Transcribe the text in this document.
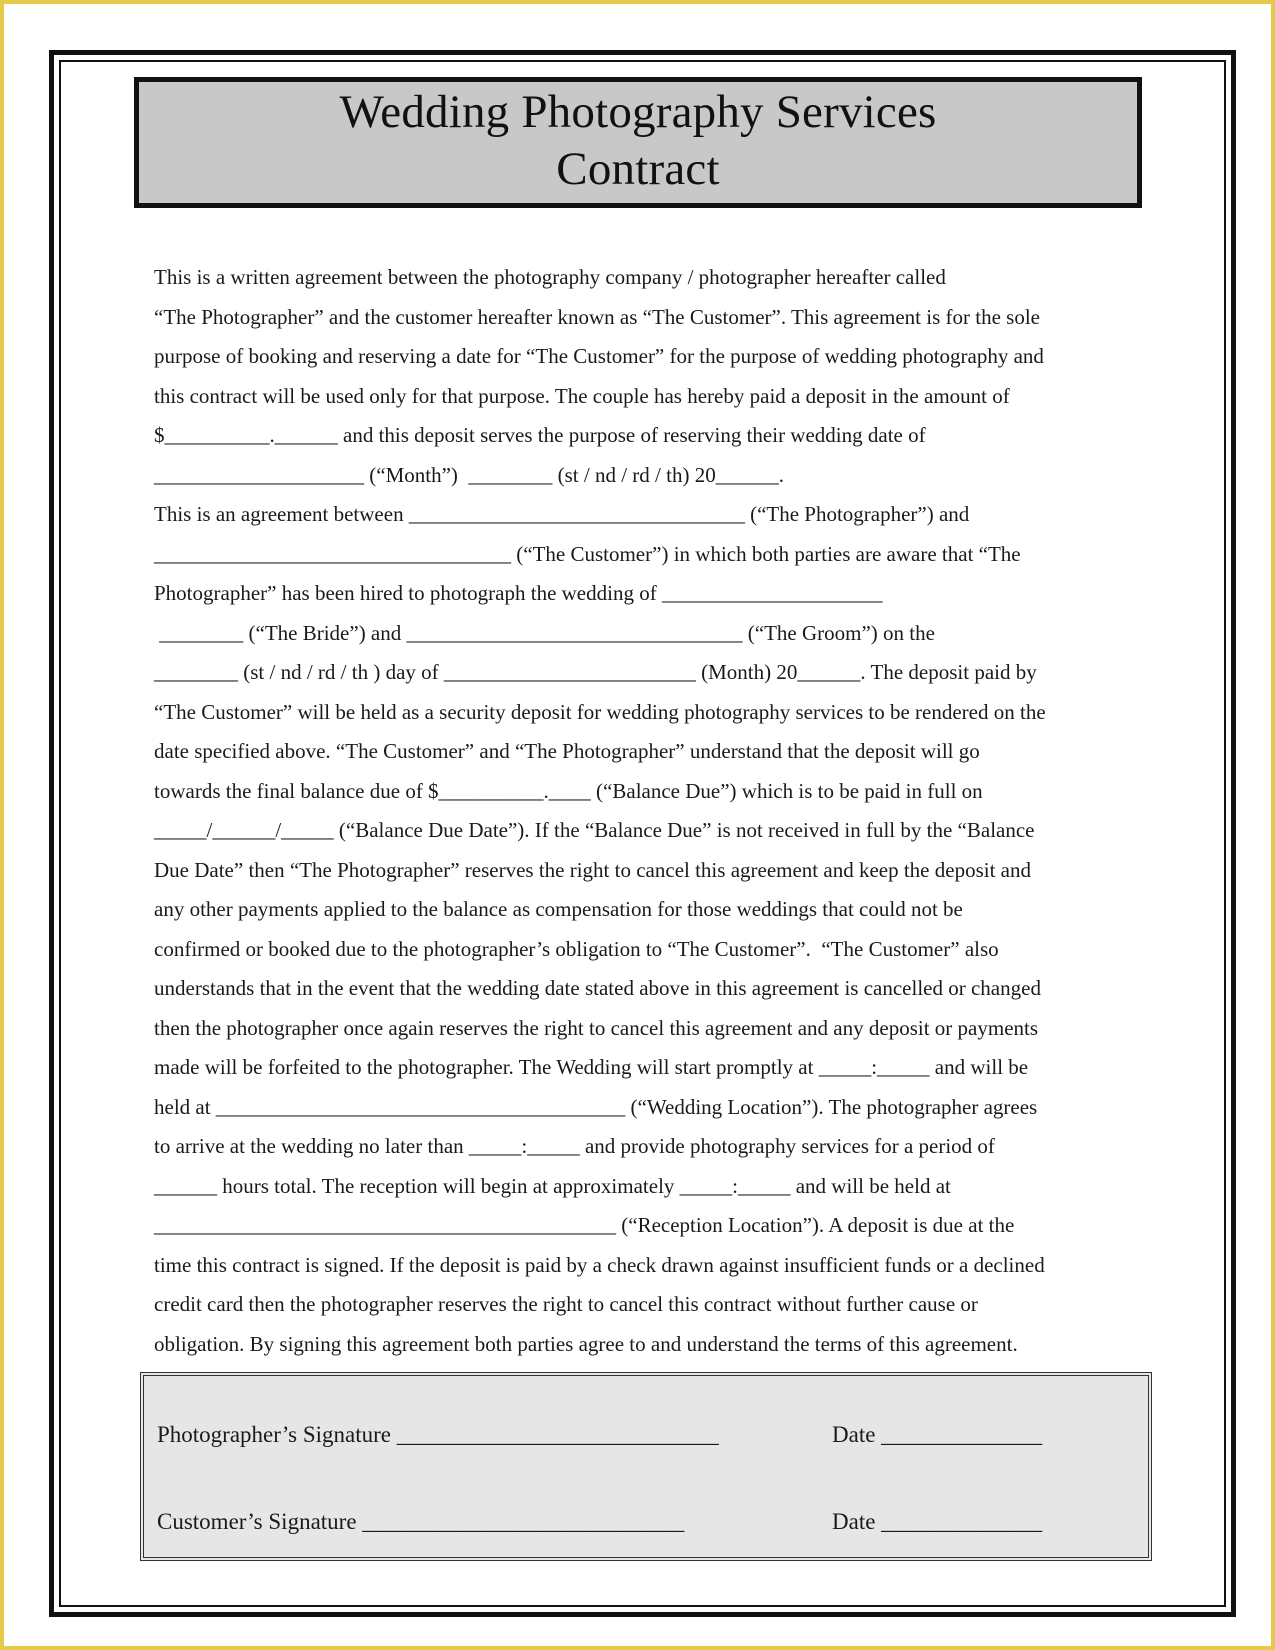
Wedding Photography Services
Contract
This is a written agreement between the photography company / photographer hereafter called
“The Photographer” and the customer hereafter known as “The Customer”. This agreement is for the sole
purpose of booking and reserving a date for “The Customer” for the purpose of wedding photography and
this contract will be used only for that purpose. The couple has hereby paid a deposit in the amount of
$__________.______ and this deposit serves the purpose of reserving their wedding date of
____________________ (“Month”)  ________ (st / nd / rd / th) 20______.
This is an agreement between ________________________________ (“The Photographer”) and
__________________________________ (“The Customer”) in which both parties are aware that “The
Photographer” has been hired to photograph the wedding of _____________________
________ (“The Bride”) and ________________________________ (“The Groom”) on the
________ (st / nd / rd / th ) day of ________________________ (Month) 20______. The deposit paid by
“The Customer” will be held as a security deposit for wedding photography services to be rendered on the
date specified above. “The Customer” and “The Photographer” understand that the deposit will go
towards the final balance due of $__________.____ (“Balance Due”) which is to be paid in full on
_____/______/_____ (“Balance Due Date”). If the “Balance Due” is not received in full by the “Balance
Due Date” then “The Photographer” reserves the right to cancel this agreement and keep the deposit and
any other payments applied to the balance as compensation for those weddings that could not be
confirmed or booked due to the photographer’s obligation to “The Customer”.  “The Customer” also
understands that in the event that the wedding date stated above in this agreement is cancelled or changed
then the photographer once again reserves the right to cancel this agreement and any deposit or payments
made will be forfeited to the photographer. The Wedding will start promptly at _____:_____ and will be
held at _______________________________________ (“Wedding Location”). The photographer agrees
to arrive at the wedding no later than _____:_____ and provide photography services for a period of
______ hours total. The reception will begin at approximately _____:_____ and will be held at
____________________________________________ (“Reception Location”). A deposit is due at the
time this contract is signed. If the deposit is paid by a check drawn against insufficient funds or a declined
credit card then the photographer reserves the right to cancel this contract without further cause or
obligation. By signing this agreement both parties agree to and understand the terms of this agreement.
Photographer’s Signature ____________________________	Date ______________
Customer’s Signature ____________________________	Date ______________
